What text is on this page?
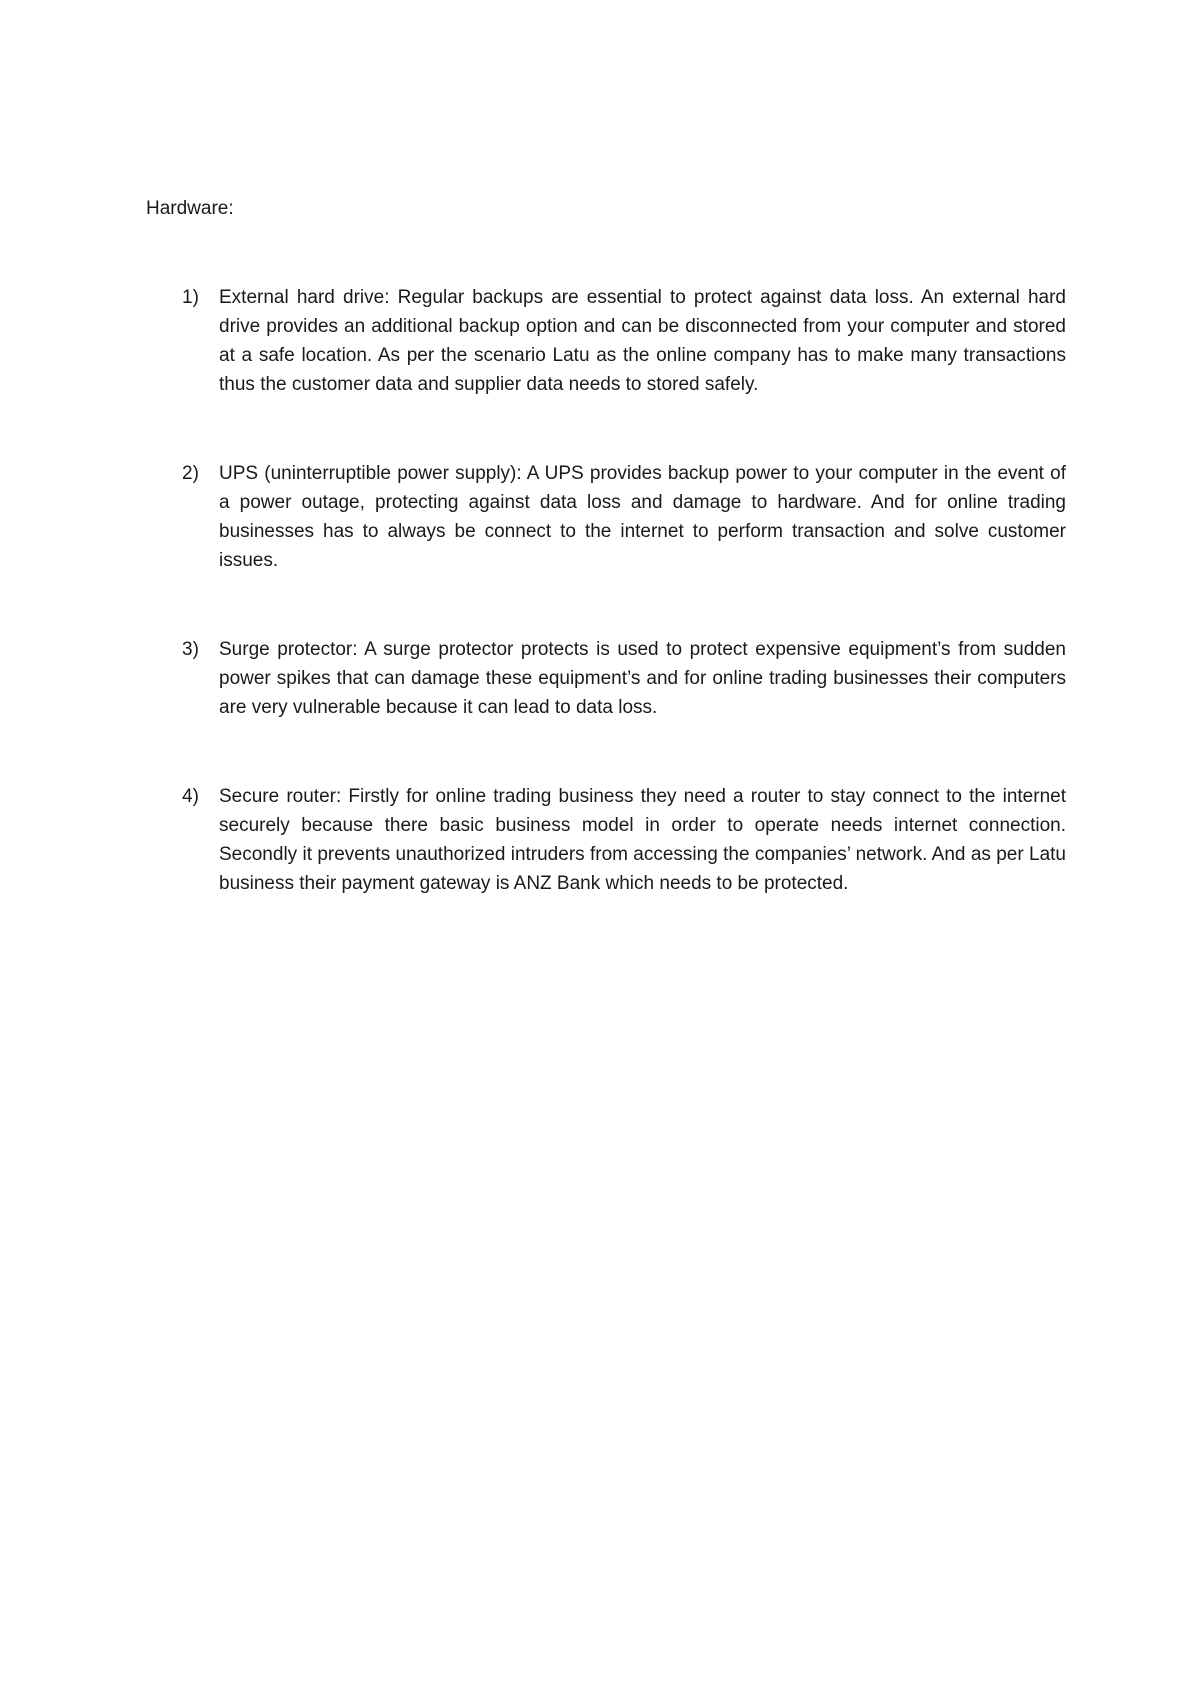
Hardware:

1) External hard drive: Regular backups are essential to protect against data loss. An external hard drive provides an additional backup option and can be disconnected from your computer and stored at a safe location. As per the scenario Latu as the online company has to make many transactions thus the customer data and supplier data needs to stored safely.
2) UPS (uninterruptible power supply): A UPS provides backup power to your computer in the event of a power outage, protecting against data loss and damage to hardware. And for online trading businesses has to always be connect to the internet to perform transaction and solve customer issues.
3) Surge protector: A surge protector protects is used to protect expensive equipment’s from sudden power spikes that can damage these equipment’s and for online trading businesses their computers are very vulnerable because it can lead to data loss.
4) Secure router: Firstly for online trading business they need a router to stay connect to the internet securely because there basic business model in order to operate needs internet connection. Secondly it prevents unauthorized intruders from accessing the companies’ network. And as per Latu business their payment gateway is ANZ Bank which needs to be protected.
